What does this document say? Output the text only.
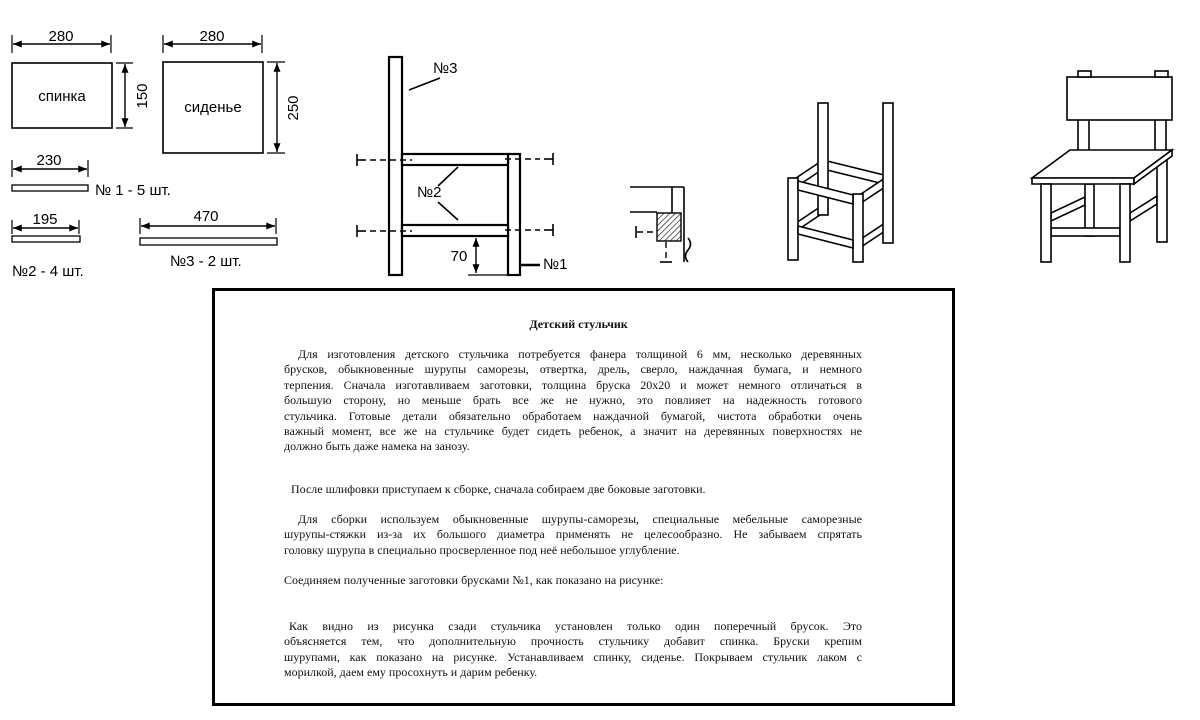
280
спинка	150
280
сиденье	250
230
№ 1 - 5 шт.
195
№2 - 4 шт.
470
№3 - 2 шт.
№3
№2
70	№1
Детский стульчик
Для изготовления детского стульчика потребуется фанера толщиной 6 мм, несколько деревянных
брусков, обыкновенные шурупы саморезы, отвертка, дрель, сверло, наждачная бумага, и немного
терпения. Сначала изготавливаем заготовки, толщина бруска 20х20 и может немного отличаться в
большую сторону, но меньше брать все же не нужно, это повлияет на надежность готового
стульчика. Готовые детали обязательно обработаем наждачной бумагой, чистота обработки очень
важный момент, все же на стульчике будет сидеть ребенок, а значит на деревянных поверхностях не
должно быть даже намека на занозу.
После шлифовки приступаем к сборке, сначала собираем две боковые заготовки.
Для сборки используем обыкновенные шурупы-саморезы, специальные мебельные саморезные
шурупы-стяжки из-за их большого диаметра применять не целесообразно. Не забываем спрятать
головку шурупа в специально просверленное под неё небольшое углубление.
Соединяем полученные заготовки брусками №1, как показано на рисунке:
Как видно из рисунка сзади стульчика установлен только один поперечный брусок. Это
объясняется тем, что дополнительную прочность стульчику добавит спинка. Бруски крепим
шурупами, как показано на рисунке. Устанавливаем спинку, сиденье. Покрываем стульчик лаком с
морилкой, даем ему просохнуть и дарим ребенку.
